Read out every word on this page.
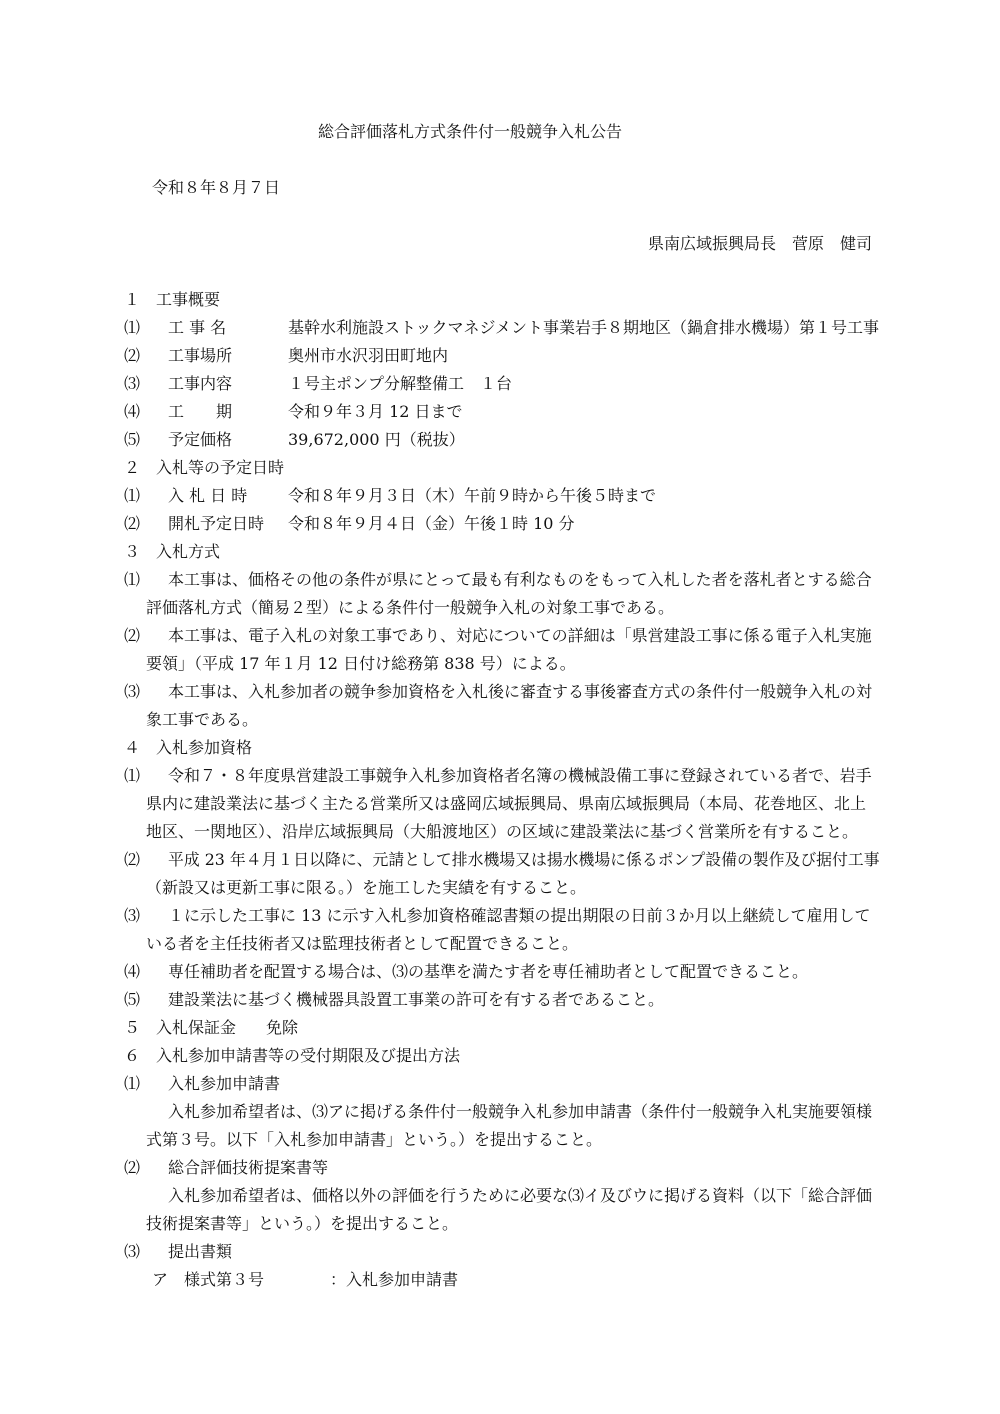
総合評価落札方式条件付一般競争入札公告
令和８年８月７日
県南広域振興局長　菅原　健司
１　工事概要
⑴ 工 事 名	基幹水利施設ストックマネジメント事業岩手８期地区（鍋倉排水機場）第１号工事
⑵ 工事場所	奥州市水沢羽田町地内
⑶ 工事内容	１号主ポンプ分解整備工　１台
⑷ 工　　期	令和９年３月 12 日まで
⑸ 予定価格	39,672,000 円（税抜）
２　入札等の予定日時
⑴ 入 札 日 時	令和８年９月３日（木）午前９時から午後５時まで
⑵ 開札予定日時 令和８年９月４日（金）午後１時 10 分
３　入札方式
⑴ 本工事は、価格その他の条件が県にとって最も有利なものをもって入札した者を落札者とする総合
評価落札方式（簡易２型）による条件付一般競争入札の対象工事である。
⑵ 本工事は、電子入札の対象工事であり、対応についての詳細は「県営建設工事に係る電子入札実施
要領」（平成 17 年１月 12 日付け総務第 838 号）による。
⑶ 本工事は、入札参加者の競争参加資格を入札後に審査する事後審査方式の条件付一般競争入札の対
象工事である。
４　入札参加資格
⑴ 令和７・８年度県営建設工事競争入札参加資格者名簿の機械設備工事に登録されている者で、岩手
県内に建設業法に基づく主たる営業所又は盛岡広域振興局、県南広域振興局（本局、花巻地区、北上
地区、一関地区）、沿岸広域振興局（大船渡地区）の区域に建設業法に基づく営業所を有すること。
⑵ 平成 23 年４月１日以降に、元請として排水機場又は揚水機場に係るポンプ設備の製作及び据付工事
（新設又は更新工事に限る。）を施工した実績を有すること。
⑶ １に示した工事に 13 に示す入札参加資格確認書類の提出期限の日前３か月以上継続して雇用して
いる者を主任技術者又は監理技術者として配置できること。
⑷ 専任補助者を配置する場合は、⑶の基準を満たす者を専任補助者として配置できること。
⑸ 建設業法に基づく機械器具設置工事業の許可を有する者であること。
５　入札保証金 免除
６　入札参加申請書等の受付期限及び提出方法
⑴ 入札参加申請書
入札参加希望者は、⑶アに掲げる条件付一般競争入札参加申請書（条件付一般競争入札実施要領様
式第３号。以下「入札参加申請書」という。）を提出すること。
⑵ 総合評価技術提案書等
入札参加希望者は、価格以外の評価を行うために必要な⑶イ及びウに掲げる資料（以下「総合評価
技術提案書等」という。）を提出すること。
⑶ 提出書類
ア　様式第３号	：入札参加申請書
